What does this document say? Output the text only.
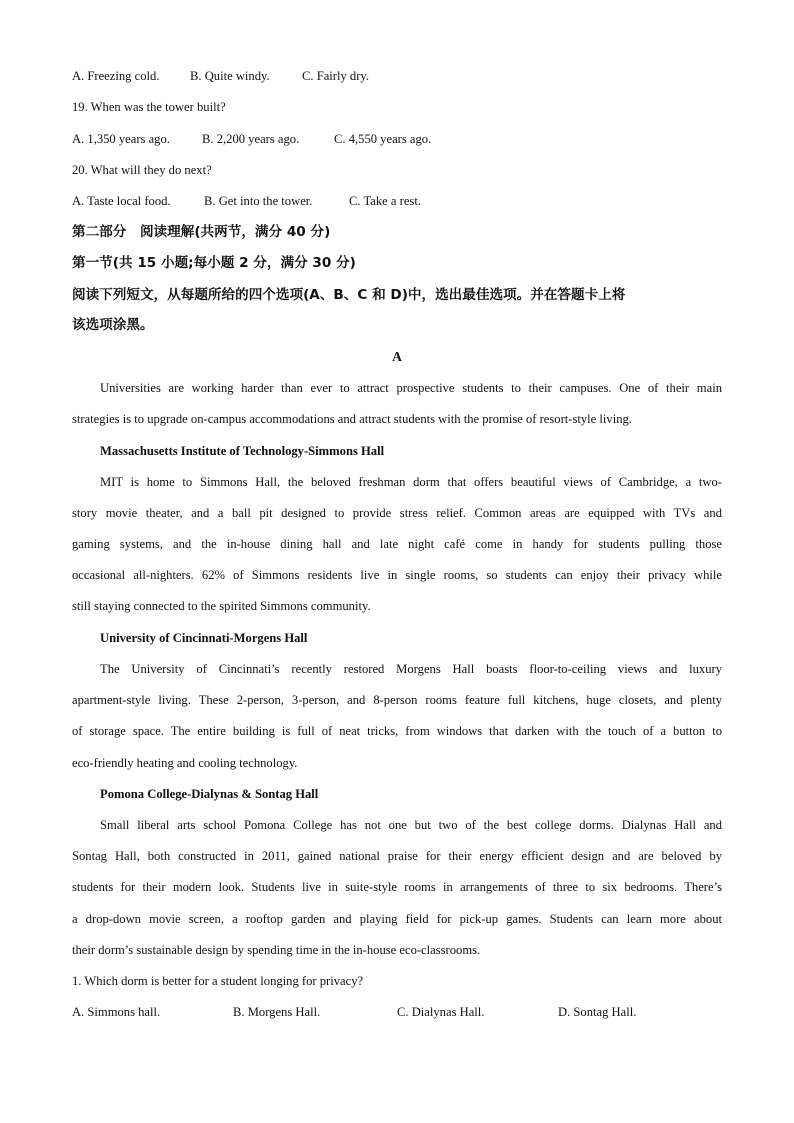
A. Freezing cold. B. Quite windy.	C. Fairly dry.
19. When was the tower built?
A. 1,350 years ago.	B. 2,200 years ago.	C. 4,550 years ago.
20. What will they do next?
A. Taste local food.	B. Get into the tower.	C. Take a rest.
第二部分　阅读理解(共两节，满分 40 分)
第一节(共 15 小题;每小题 2 分，满分 30 分)
阅读下列短文，从每题所给的四个选项(A、B、C 和 D)中，选出最佳选项。并在答题卡上将
该选项涂黑。
A
Universities are working harder than ever to attract prospective students to their campuses. One of their main
strategies is to upgrade on-campus accommodations and attract students with the promise of resort-style living.
Massachusetts Institute of Technology-Simmons Hall
MIT is home to Simmons Hall, the beloved freshman dorm that offers beautiful views of Cambridge, a two-
story movie theater, and a ball pit designed to provide stress relief. Common areas are equipped with TVs and
gaming systems, and the in-house dining hall and late night café come in handy for students pulling those
occasional all-nighters. 62% of Simmons residents live in single rooms, so students can enjoy their privacy while
still staying connected to the spirited Simmons community.
University of Cincinnati-Morgens Hall
The University of Cincinnati’s recently restored Morgens Hall boasts floor-to-ceiling views and luxury
apartment-style living. These 2-person, 3-person, and 8-person rooms feature full kitchens, huge closets, and plenty
of storage space. The entire building is full of neat tricks, from windows that darken with the touch of a button to
eco-friendly heating and cooling technology.
Pomona College-Dialynas & Sontag Hall
Small liberal arts school Pomona College has not one but two of the best college dorms. Dialynas Hall and
Sontag Hall, both constructed in 2011, gained national praise for their energy efficient design and are beloved by
students for their modern look. Students live in suite-style rooms in arrangements of three to six bedrooms. There’s
a drop-down movie screen, a rooftop garden and playing field for pick-up games. Students can learn more about
their dorm’s sustainable design by spending time in the in-house eco-classrooms.
1. Which dorm is better for a student longing for privacy?
A. Simmons hall.	B. Morgens Hall.	C. Dialynas Hall.	D. Sontag Hall.
